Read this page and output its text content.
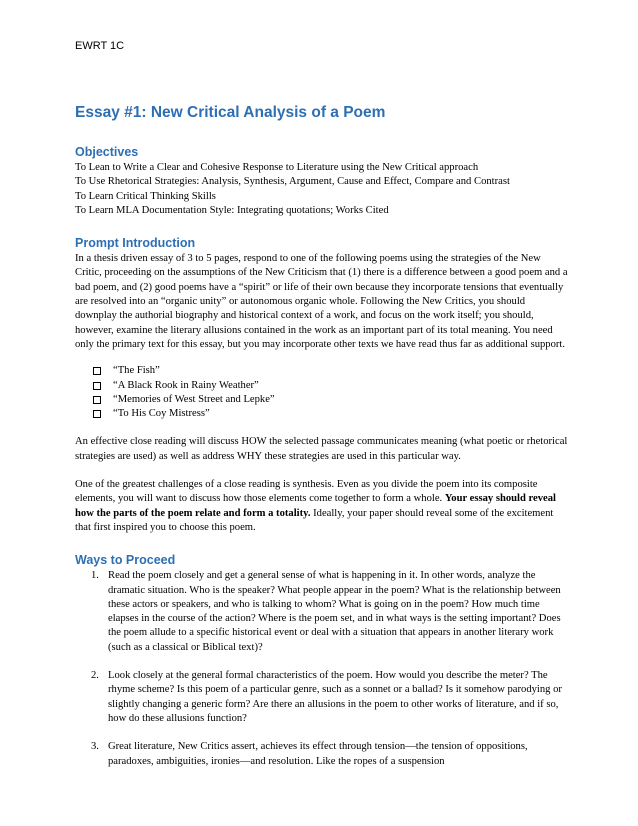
EWRT 1C
Essay #1: New Critical Analysis of a Poem
Objectives

To Lean to Write a Clear and Cohesive Response to Literature using the New Critical approach

To Use Rhetorical Strategies: Analysis, Synthesis, Argument, Cause and Effect, Compare and Contrast

To Learn Critical Thinking Skills

To Learn MLA Documentation Style: Integrating quotations; Works Cited

Prompt Introduction

In a thesis driven essay of 3 to 5 pages, respond to one of the following poems using the strategies of the New Critic, proceeding on the assumptions of the New Criticism that (1) there is a difference between a good poem and a bad poem, and (2) good poems have a “spirit” or life of their own because they incorporate tensions that eventually are resolved into an “organic unity” or autonomous organic whole. Following the New Critics, you should downplay the authorial biography and historical context of a work, and focus on the work itself; you should, however, examine the literary allusions contained in the work as an important part of its total meaning. You need only the primary text for this essay, but you may incorporate other texts we have read thus far as additional support.

“The Fish”
“A Black Rook in Rainy Weather”
“Memories of West Street and Lepke”
“To His Coy Mistress”

An effective close reading will discuss HOW the selected passage communicates meaning (what poetic or rhetorical strategies are used) as well as address WHY these strategies are used in this particular way.

One of the greatest challenges of a close reading is synthesis. Even as you divide the poem into its composite elements, you will want to discuss how those elements come together to form a whole. Your essay should reveal how the parts of the poem relate and form a totality. Ideally, your paper should reveal some of the excitement that first inspired you to choose this poem.

Ways to Proceed
1. Read the poem closely and get a general sense of what is happening in it. In other words, analyze the dramatic situation. Who is the speaker? What people appear in the poem? What is the relationship between these actors or speakers, and who is talking to whom? What is going on in the poem? How much time elapses in the course of the action? Where is the poem set, and in what ways is the setting important? Does the poem allude to a specific historical event or deal with a situation that appears in another literary work (such as a classical or Biblical text)?
2. Look closely at the general formal characteristics of the poem. How would you describe the meter? The rhyme scheme? Is this poem of a particular genre, such as a sonnet or a ballad? Is it somehow parodying or slightly changing a generic form? Are there an allusions in the poem to other works of literature, and if so, how do these allusions function?
3. Great literature, New Critics assert, achieves its effect through tension—the tension of oppositions, paradoxes, ambiguities, ironies—and resolution. Like the ropes of a suspension
